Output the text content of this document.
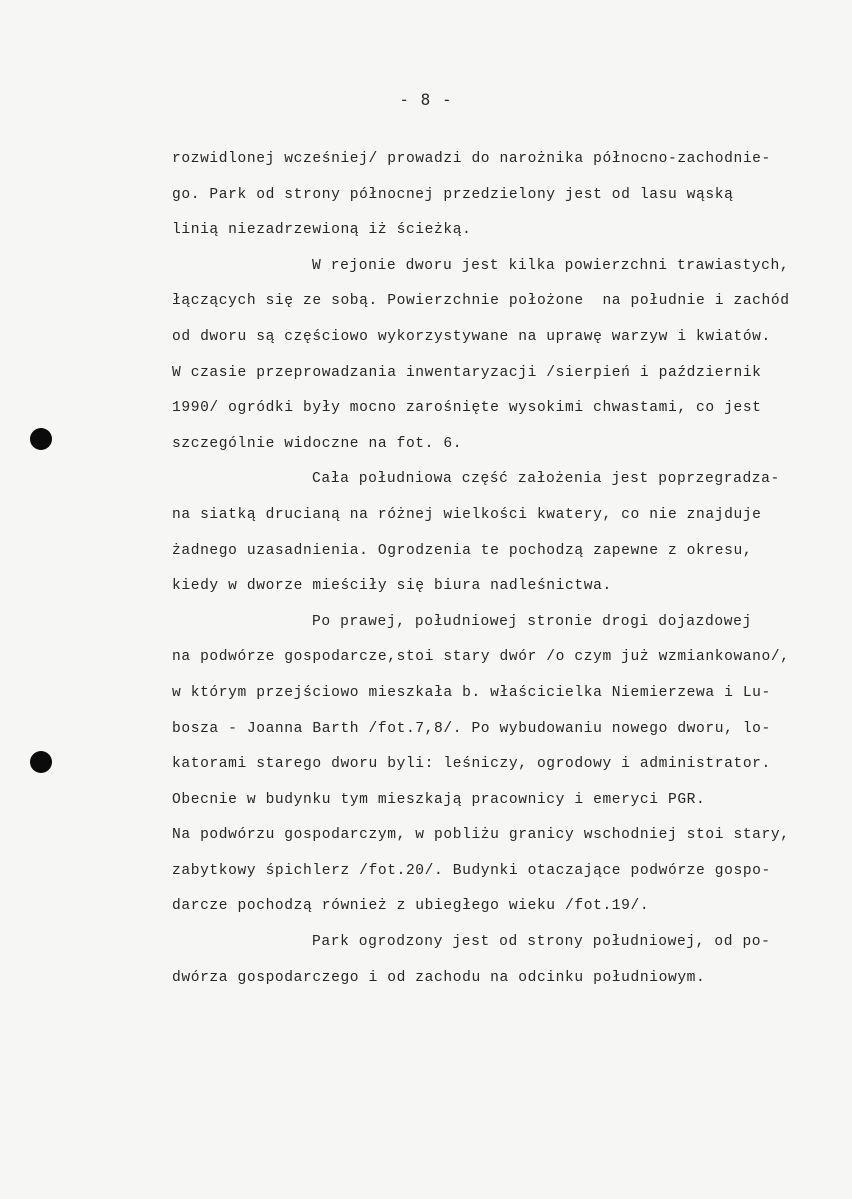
- 8 -
rozwidlonej wcześniej/ prowadzi do narożnika północno-zachodnie-
go. Park od strony północnej przedzielony jest od lasu wąską
linią niezadrzewioną iż ścieżką.
W rejonie dworu jest kilka powierzchni trawiastych,
łączących się ze sobą. Powierzchnie położone  na południe i zachód
od dworu są częściowo wykorzystywane na uprawę warzyw i kwiatów.
W czasie przeprowadzania inwentaryzacji /sierpień i październik
1990/ ogródki były mocno zarośnięte wysokimi chwastami, co jest
szczególnie widoczne na fot. 6.
Cała południowa część założenia jest poprzegradza-
na siatką drucianą na różnej wielkości kwatery, co nie znajduje
żadnego uzasadnienia. Ogrodzenia te pochodzą zapewne z okresu,
kiedy w dworze mieściły się biura nadleśnictwa.
Po prawej, południowej stronie drogi dojazdowej
na podwórze gospodarcze,stoi stary dwór /o czym już wzmiankowano/,
w którym przejściowo mieszkała b. właścicielka Niemierzewa i Lu-
bosza - Joanna Barth /fot.7,8/. Po wybudowaniu nowego dworu, lo-
katorami starego dworu byli: leśniczy, ogrodowy i administrator.
Obecnie w budynku tym mieszkają pracownicy i emeryci PGR.
Na podwórzu gospodarczym, w pobliżu granicy wschodniej stoi stary,
zabytkowy śpichlerz /fot.20/. Budynki otaczające podwórze gospo-
darcze pochodzą również z ubiegłego wieku /fot.19/.
Park ogrodzony jest od strony południowej, od po-
dwórza gospodarczego i od zachodu na odcinku południowym.
